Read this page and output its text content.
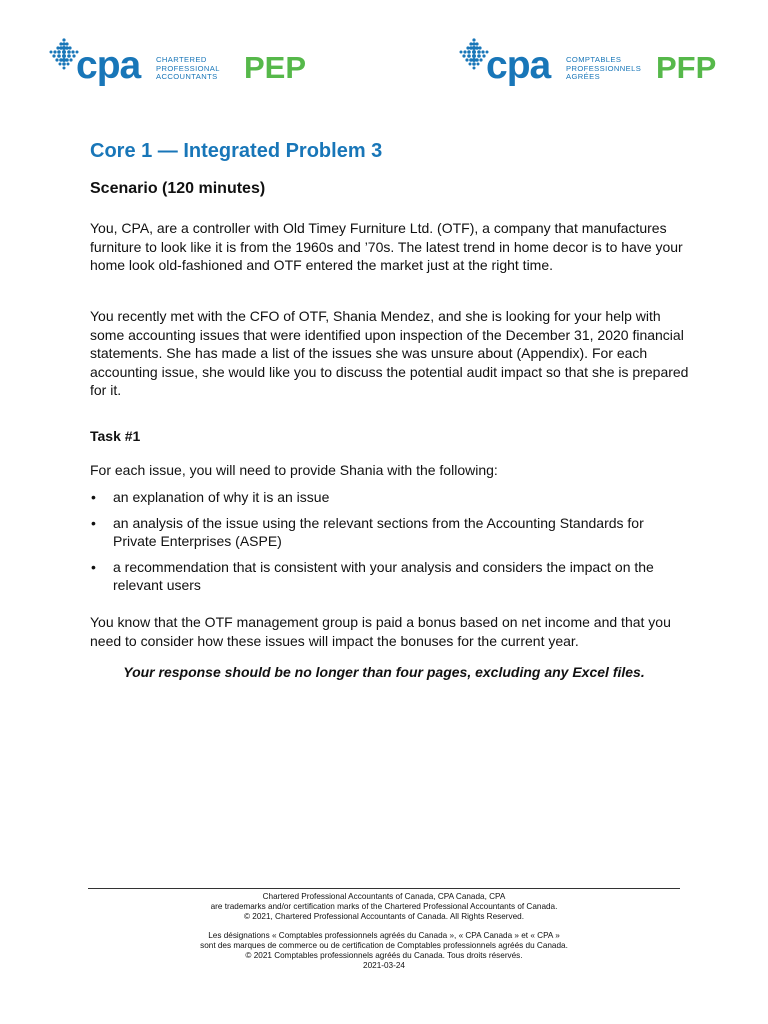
cpa CHARTERED
PROFESSIONAL
ACCOUNTANTS PEP	cpa COMPTABLES
PROFESSIONNELS
AGRÉES	PFP
Core 1 — Integrated Problem 3
Scenario (120 minutes)

You, CPA, are a controller with Old Timey Furniture Ltd. (OTF), a company that manufactures furniture to look like it is from the 1960s and ’70s. The latest trend in home decor is to have your home look old-fashioned and OTF entered the market just at the right time.

You recently met with the CFO of OTF, Shania Mendez, and she is looking for your help with some accounting issues that were identified upon inspection of the December 31, 2020 financial statements. She has made a list of the issues she was unsure about (Appendix). For each accounting issue, she would like you to discuss the potential audit impact so that she is prepared for it.

Task #1

For each issue, you will need to provide Shania with the following:

• an explanation of why it is an issue
• an analysis of the issue using the relevant sections from the Accounting Standards for Private Enterprises (ASPE)
• a recommendation that is consistent with your analysis and considers the impact on the relevant users

You know that the OTF management group is paid a bonus based on net income and that you need to consider how these issues will impact the bonuses for the current year.

Your response should be no longer than four pages, excluding any Excel files.

Chartered Professional Accountants of Canada, CPA Canada, CPA
are trademarks and/or certification marks of the Chartered Professional Accountants of Canada.
© 2021, Chartered Professional Accountants of Canada. All Rights Reserved.
Les désignations « Comptables professionnels agréés du Canada », « CPA Canada » et « CPA »
sont des marques de commerce ou de certification de Comptables professionnels agréés du Canada.
© 2021 Comptables professionnels agréés du Canada. Tous droits réservés.
2021-03-24
